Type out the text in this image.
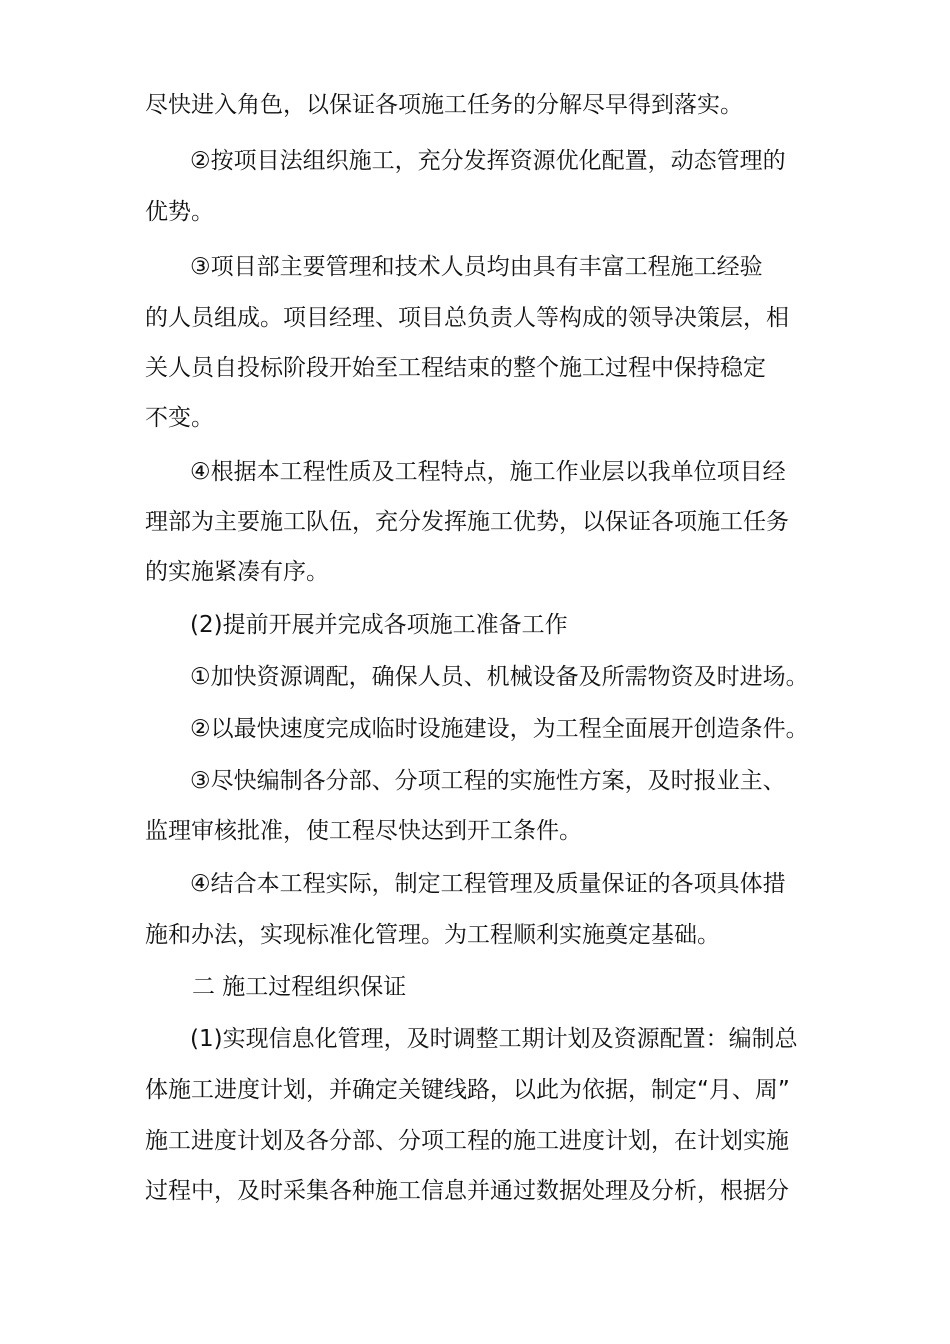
尽快进入角色，以保证各项施工任务的分解尽早得到落实。
②按项目法组织施工，充分发挥资源优化配置，动态管理的
优势。
③项目部主要管理和技术人员均由具有丰富工程施工经验
的人员组成。项目经理、项目总负责人等构成的领导决策层，相
关人员自投标阶段开始至工程结束的整个施工过程中保持稳定
不变。
④根据本工程性质及工程特点，施工作业层以我单位项目经
理部为主要施工队伍，充分发挥施工优势，以保证各项施工任务
的实施紧凑有序。
(2)提前开展并完成各项施工准备工作
①加快资源调配，确保人员、机械设备及所需物资及时进场。
②以最快速度完成临时设施建设，为工程全面展开创造条件。
③尽快编制各分部、分项工程的实施性方案，及时报业主、
监理审核批准，使工程尽快达到开工条件。
④结合本工程实际，制定工程管理及质量保证的各项具体措
施和办法，实现标准化管理。为工程顺利实施奠定基础。
二 施工过程组织保证
(1)实现信息化管理，及时调整工期计划及资源配置：编制总
体施工进度计划，并确定关键线路，以此为依据，制定“月、周”
施工进度计划及各分部、分项工程的施工进度计划，在计划实施
过程中，及时采集各种施工信息并通过数据处理及分析，根据分
